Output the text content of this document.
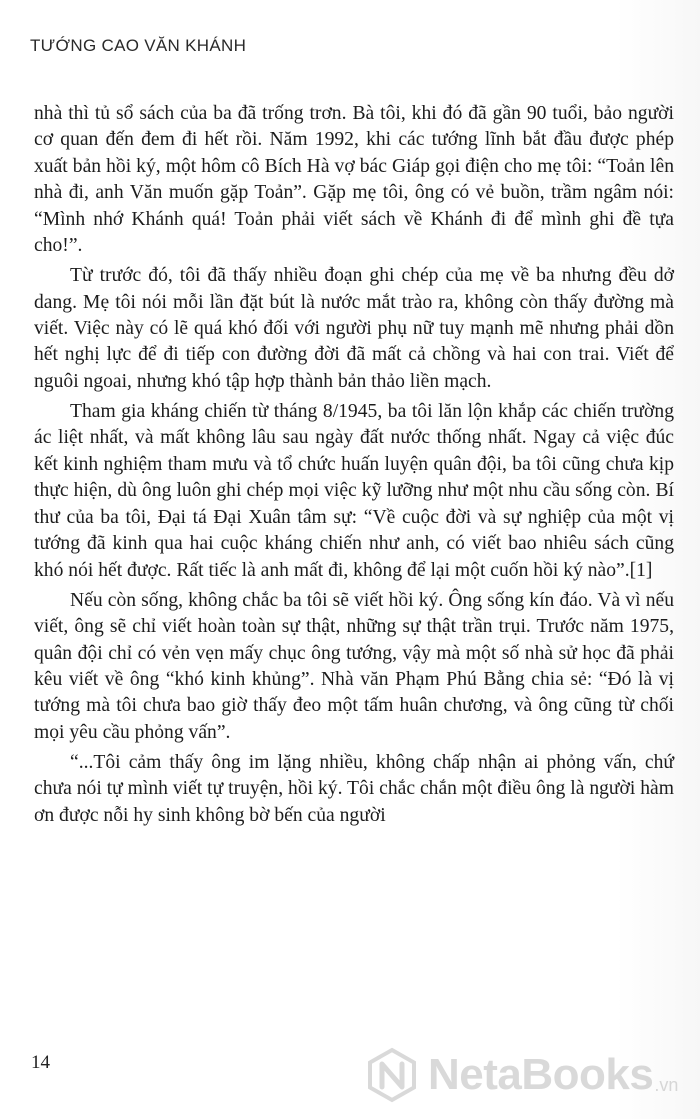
TƯỚNG CAO VĂN KHÁNH

nhà thì tủ sổ sách của ba đã trống trơn. Bà tôi, khi đó đã gần 90 tuổi, bảo người cơ quan đến đem đi hết rồi. Năm 1992, khi các tướng lĩnh bắt đầu được phép xuất bản hồi ký, một hôm cô Bích Hà vợ bác Giáp gọi điện cho mẹ tôi: “Toản lên nhà đi, anh Văn muốn gặp Toản”. Gặp mẹ tôi, ông có vẻ buồn, trầm ngâm nói: “Mình nhớ Khánh quá! Toản phải viết sách về Khánh đi để mình ghi đề tựa cho!”.

Từ trước đó, tôi đã thấy nhiều đoạn ghi chép của mẹ về ba nhưng đều dở dang. Mẹ tôi nói mỗi lần đặt bút là nước mắt trào ra, không còn thấy đường mà viết. Việc này có lẽ quá khó đối với người phụ nữ tuy mạnh mẽ nhưng phải dồn hết nghị lực để đi tiếp con đường đời đã mất cả chồng và hai con trai. Viết để nguôi ngoai, nhưng khó tập hợp thành bản thảo liền mạch.

Tham gia kháng chiến từ tháng 8/1945, ba tôi lăn lộn khắp các chiến trường ác liệt nhất, và mất không lâu sau ngày đất nước thống nhất. Ngay cả việc đúc kết kinh nghiệm tham mưu và tổ chức huấn luyện quân đội, ba tôi cũng chưa kịp thực hiện, dù ông luôn ghi chép mọi việc kỹ lưỡng như một nhu cầu sống còn. Bí thư của ba tôi, Đại tá Đại Xuân tâm sự: “Về cuộc đời và sự nghiệp của một vị tướng đã kinh qua hai cuộc kháng chiến như anh, có viết bao nhiêu sách cũng khó nói hết được. Rất tiếc là anh mất đi, không để lại một cuốn hồi ký nào”.[1]

Nếu còn sống, không chắc ba tôi sẽ viết hồi ký. Ông sống kín đáo. Và vì nếu viết, ông sẽ chỉ viết hoàn toàn sự thật, những sự thật trần trụi. Trước năm 1975, quân đội chỉ có vẻn vẹn mấy chục ông tướng, vậy mà một số nhà sử học đã phải kêu viết về ông “khó kinh khủng”. Nhà văn Phạm Phú Bằng chia sẻ: “Đó là vị tướng mà tôi chưa bao giờ thấy đeo một tấm huân chương, và ông cũng từ chối mọi yêu cầu phỏng vấn”.

“...Tôi cảm thấy ông im lặng nhiều, không chấp nhận ai phỏng vấn, chứ chưa nói tự mình viết tự truyện, hồi ký. Tôi chắc chắn một điều ông là người hàm ơn được nỗi hy sinh không bờ bến của người

14	NetaBooks .vn
